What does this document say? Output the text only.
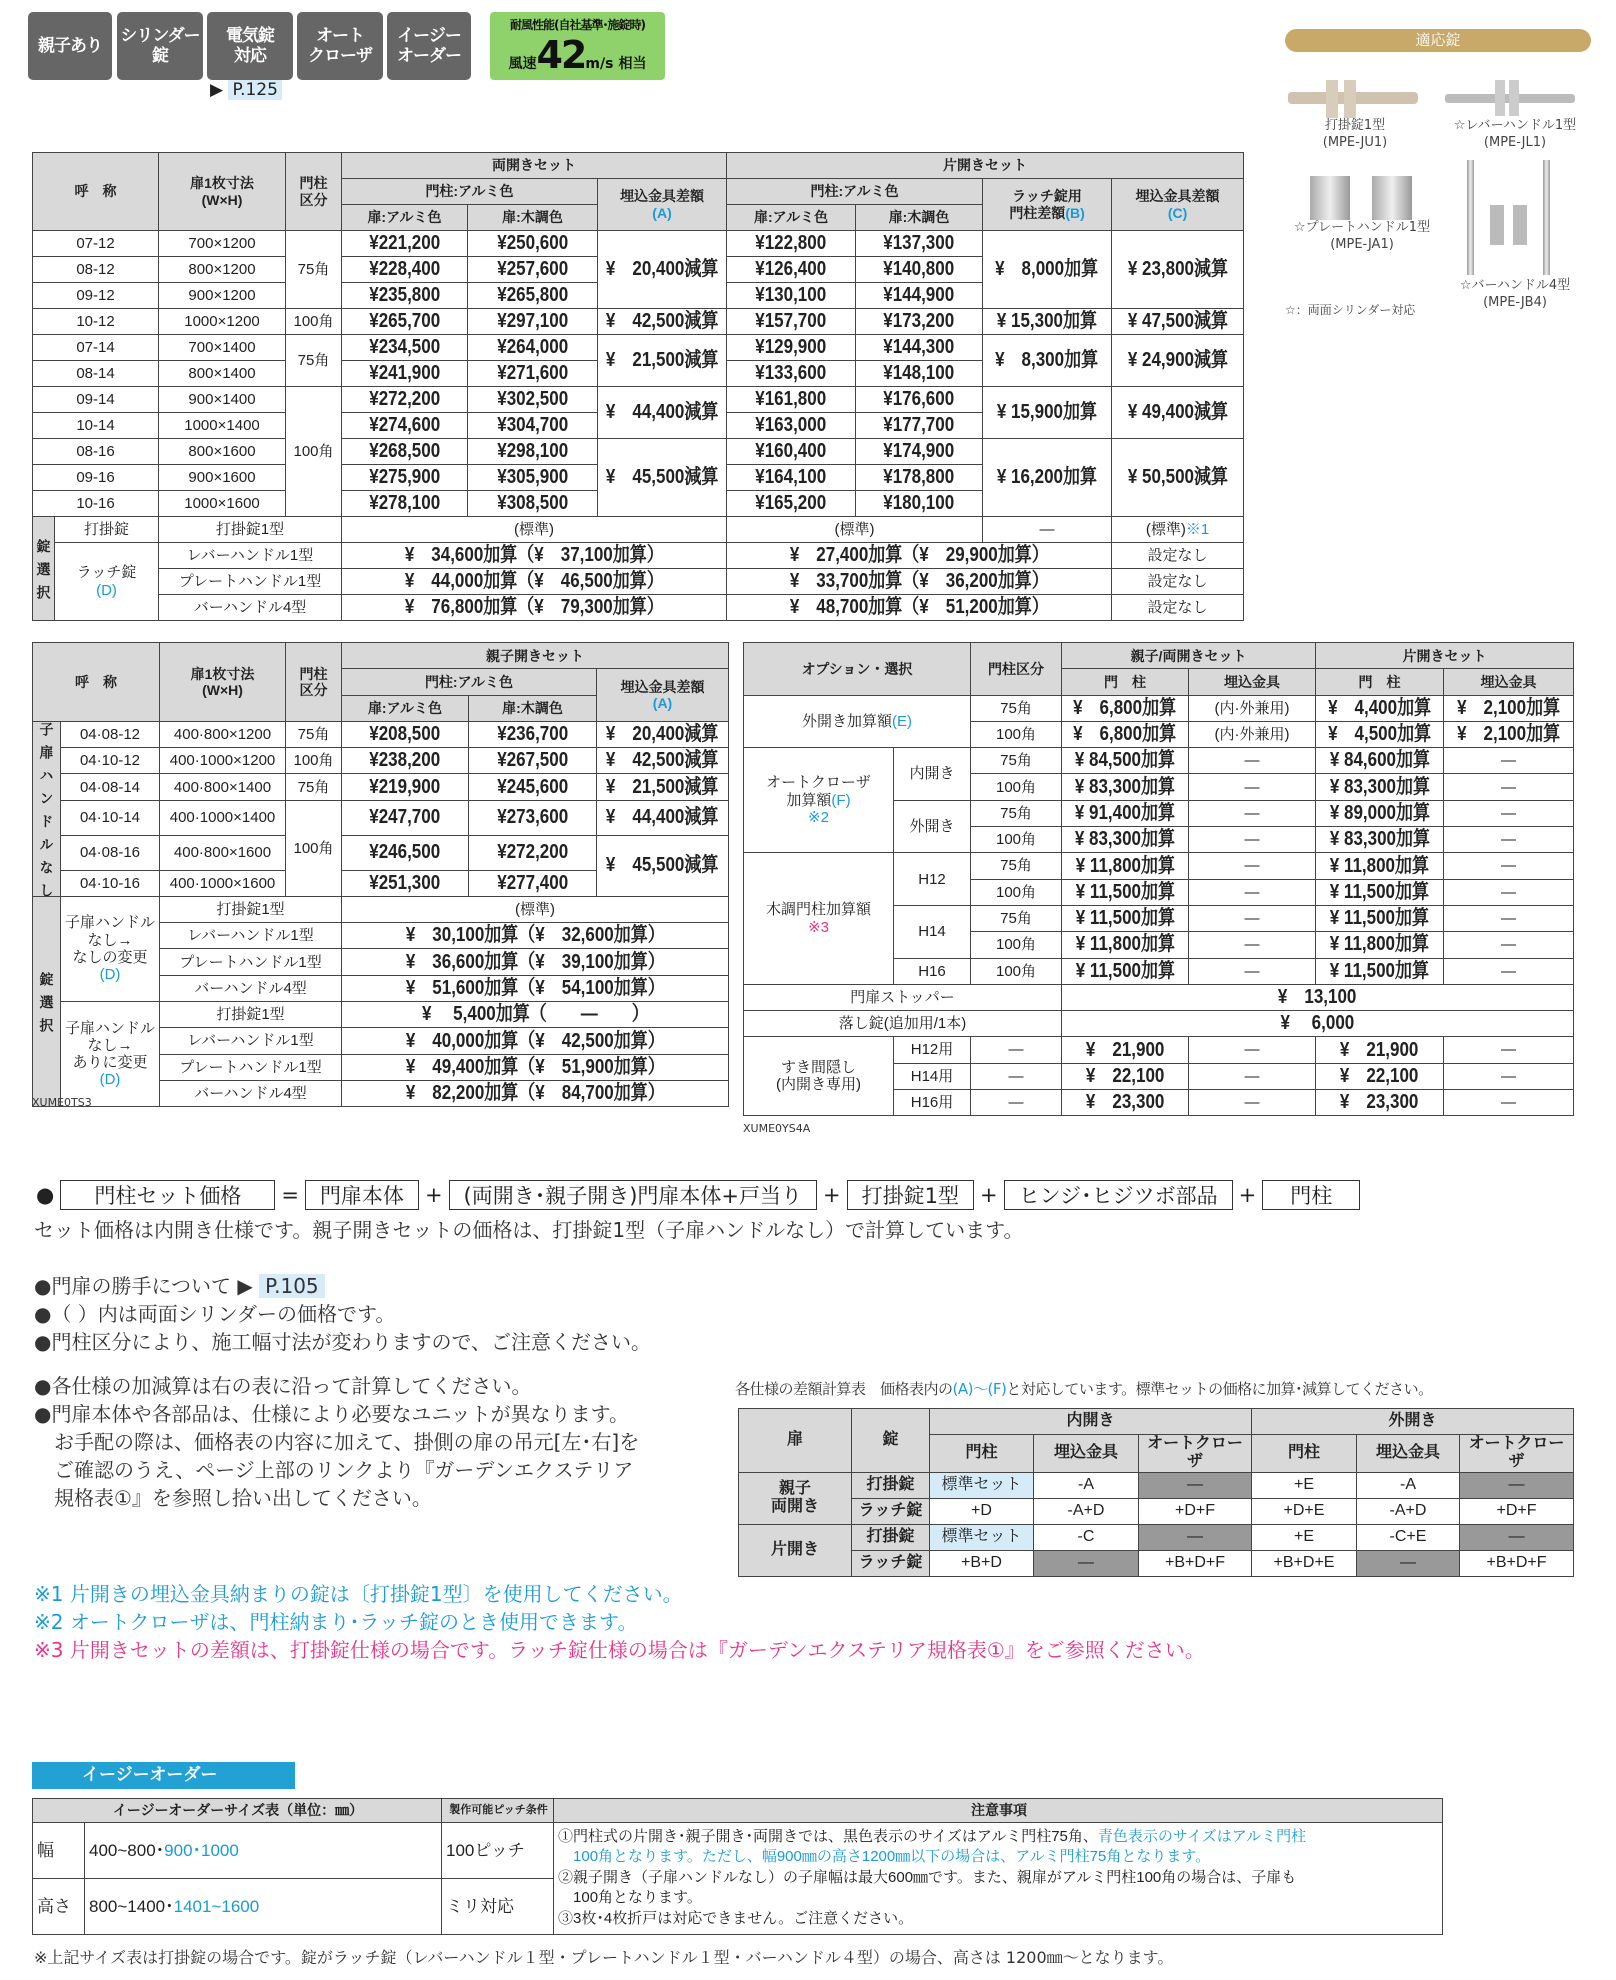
親子あり
シリンダー
錠
電気錠
対応
オート
クローザ
イージー
オーダー
耐風性能(自社基準･施錠時)
風速42m/s 相当
▶ P.125
適応錠
打掛錠1型
(MPE-JU1)
☆レバーハンドル1型
(MPE-JL1)
☆プレートハンドル1型
(MPE-JA1)
☆バーハンドル4型
(MPE-JB4)
☆：両面シリンダー対応
呼　称		扉1枚寸法
(W×H)	門柱
区分	両開きセット			片開きセット			
				門柱:アルミ色		埋込金具差額
(A)	門柱:アルミ色		ラッチ錠用
門柱差額(B)	埋込金具差額
(C)
				扉:アルミ色	扉:木調色		扉:アルミ色	扉:木調色		
07-12		700×1200	75角	¥221,200	¥250,600	¥　20,400減算	¥122,800	¥137,300	¥　8,000加算	¥ 23,800減算
08-12		800×1200		¥228,400	¥257,600		¥126,400	¥140,800		
09-12		900×1200		¥235,800	¥265,800		¥130,100	¥144,900		
10-12		1000×1200	100角	¥265,700	¥297,100	¥　42,500減算	¥157,700	¥173,200	¥ 15,300加算	¥ 47,500減算
07-14		700×1400	75角	¥234,500	¥264,000	¥　21,500減算	¥129,900	¥144,300	¥　8,300加算	¥ 24,900減算
08-14		800×1400		¥241,900	¥271,600		¥133,600	¥148,100		
09-14		900×1400	100角	¥272,200	¥302,500	¥　44,400減算	¥161,800	¥176,600	¥ 15,900加算	¥ 49,400減算
10-14		1000×1400		¥274,600	¥304,700		¥163,000	¥177,700		
08-16		800×1600		¥268,500	¥298,100	¥　45,500減算	¥160,400	¥174,900	¥ 16,200加算	¥ 50,500減算
09-16		900×1600		¥275,900	¥305,900		¥164,100	¥178,800		
10-16		1000×1600		¥278,100	¥308,500		¥165,200	¥180,100		
錠 選 択	打掛錠	打掛錠1型		(標準)			(標準)		—	(標準)※1
	ラッチ錠
(D)	レバーハンドル1型		¥　34,600加算（¥　37,100加算）			¥　27,400加算（¥　29,900加算）			設定なし
		プレートハンドル1型		¥　44,000加算（¥　46,500加算）			¥　33,700加算（¥　36,200加算）			設定なし
		バーハンドル4型		¥　76,800加算（¥　79,300加算）			¥　48,700加算（¥　51,200加算）			設定なし
呼　称		扉1枚寸法
(W×H)	門柱
区分	親子開きセット		
				門柱:アルミ色		埋込金具差額
(A)
				扉:アルミ色	扉:木調色	
子 扉 ハ ン ド ル な し	04·08-12	400·800×1200	75角	¥208,500	¥236,700	¥　20,400減算
	04·10-12	400·1000×1200	100角	¥238,200	¥267,500	¥　42,500減算
	04·08-14	400·800×1400	75角	¥219,900	¥245,600	¥　21,500減算
	04·10-14	400·1000×1400	100角	¥247,700	¥273,600	¥　44,400減算
	04·08-16	400·800×1600		¥246,500	¥272,200	¥　45,500減算
	04·10-16	400·1000×1600		¥251,300	¥277,400	
錠 選 択	子扉ハンドル
なし→
なしの変更
(D)	打掛錠1型		(標準)		
		レバーハンドル1型		¥　30,100加算（¥　32,600加算）		
		プレートハンドル1型		¥　36,600加算（¥　39,100加算）		
		バーハンドル4型		¥　51,600加算（¥　54,100加算）		
	子扉ハンドル
なし→
ありに変更
(D)	打掛錠1型		¥　 5,400加算（　　—　　）		
		レバーハンドル1型		¥　40,000加算（¥　42,500加算）		
		プレートハンドル1型		¥　49,400加算（¥　51,900加算）		
		バーハンドル4型		¥　82,200加算（¥　84,700加算）		
XUME0TS3
オプション・選択		門柱区分	親子/両開きセット		片開きセット	
			門　柱	埋込金具	門　柱	埋込金具
外開き加算額(E)		75角	¥　6,800加算	(内·外兼用)	¥　4,400加算	¥　2,100加算
		100角	¥　6,800加算	(内·外兼用)	¥　4,500加算	¥　2,100加算
オートクローザ
加算額(F)
※2	内開き	75角	¥ 84,500加算	—	¥ 84,600加算	—
		100角	¥ 83,300加算	—	¥ 83,300加算	—
	外開き	75角	¥ 91,400加算	—	¥ 89,000加算	—
		100角	¥ 83,300加算	—	¥ 83,300加算	—
木調門柱加算額
※3	H12	75角	¥ 11,800加算	—	¥ 11,800加算	—
		100角	¥ 11,500加算	—	¥ 11,500加算	—
	H14	75角	¥ 11,500加算	—	¥ 11,500加算	—
		100角	¥ 11,800加算	—	¥ 11,800加算	—
	H16	100角	¥ 11,500加算	—	¥ 11,500加算	—
門扉ストッパー			¥　13,100			
落し錠(追加用/1本)			¥　 6,000			
すき間隠し
(内開き専用)	H12用	—	¥　21,900	—	¥　21,900	—
	H14用	—	¥　22,100	—	¥　22,100	—
	H16用	—	¥　23,300	—	¥　23,300	—
XUME0YS4A
●	門柱セット価格	=	門扉本体	+	(両開き･親子開き)門扉本体+戸当り	+	打掛錠1型	+	ヒンジ･ヒジツボ部品	+	門柱
セット価格は内開き仕様です。親子開きセットの価格は、打掛錠1型（子扉ハンドルなし）で計算しています。
●門扉の勝手について ▶ P.105
●（ ）内は両面シリンダーの価格です。
●門柱区分により、施工幅寸法が変わりますので、ご注意ください。
●各仕様の加減算は右の表に沿って計算してください。
●門扉本体や各部品は、仕様により必要なユニットが異なります。
　お手配の際は、価格表の内容に加えて、掛側の扉の吊元[左･右]を
　ご確認のうえ、ページ上部のリンクより『ガーデンエクステリア
　規格表①』を参照し拾い出してください。
各仕様の差額計算表　価格表内の(A)～(F)と対応しています。標準セットの価格に加算･減算してください。
扉	錠	内開き			外開き		
		門柱	埋込金具	オートクローザ	門柱	埋込金具	オートクローザ
親子
両開き	打掛錠	標準セット	-A	—	+E	-A	—
	ラッチ錠	+D	-A+D	+D+F	+D+E	-A+D	+D+F
片開き	打掛錠	標準セット	-C	—	+E	-C+E	—
	ラッチ錠	+B+D	—	+B+D+F	+B+D+E	—	+B+D+F
※1 片開きの埋込金具納まりの錠は〔打掛錠1型〕を使用してください。
※2 オートクローザは、門柱納まり･ラッチ錠のとき使用できます。
※3 片開きセットの差額は、打掛錠仕様の場合です。ラッチ錠仕様の場合は『ガーデンエクステリア規格表①』をご参照ください。
イージーオーダー
イージーオーダーサイズ表（単位：㎜）		製作可能ピッチ条件	注意事項
幅	400~800･900･1000	100ピッチ	①門柱式の片開き･親子開き･両開きでは、黒色表示のサイズはアルミ門柱75角、青色表示のサイズはアルミ門柱
　100角となります。ただし、幅900㎜の高さ1200㎜以下の場合は、アルミ門柱75角となります。

②親子開き（子扉ハンドルなし）の子扉幅は最大600㎜です。また、親扉がアルミ門柱100角の場合は、子扉も
　100角となります。
③3枚･4枚折戸は対応できません。ご注意ください。

高さ	800~1400･1401~1600	ミリ対応	
※上記サイズ表は打掛錠の場合です。錠がラッチ錠（レバーハンドル１型・プレートハンドル１型・バーハンドル４型）の場合、高さは 1200㎜～となります。
